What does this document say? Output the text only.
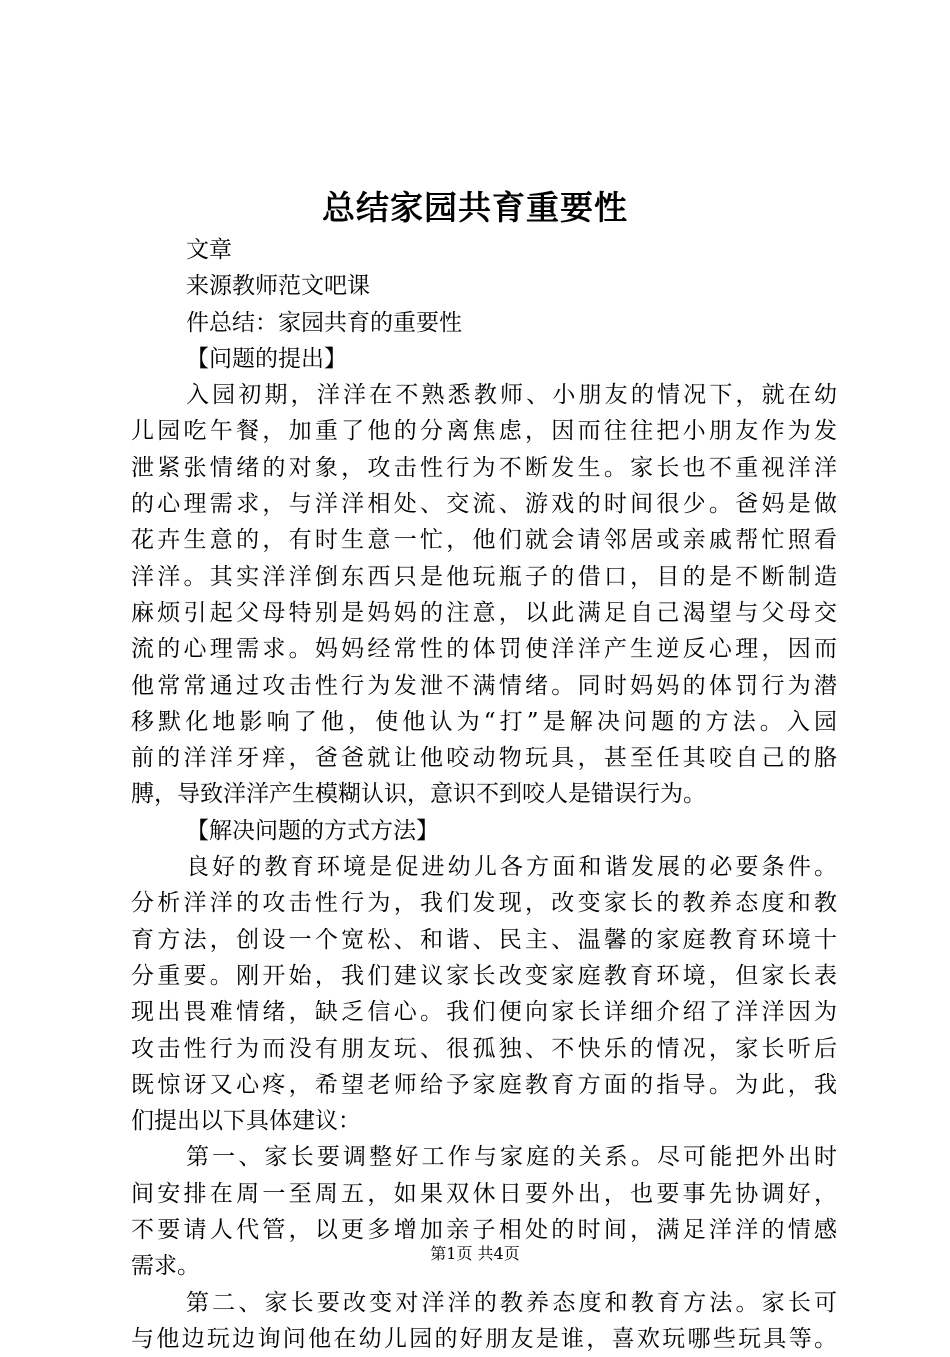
总结家园共育重要性
文章
来源教师范文吧课
件总结：家园共育的重要性
【问题的提出】
入园初期，洋洋在不熟悉教师、小朋友的情况下，就在幼
儿园吃午餐，加重了他的分离焦虑，因而往往把小朋友作为发
泄紧张情绪的对象，攻击性行为不断发生。家长也不重视洋洋
的心理需求，与洋洋相处、交流、游戏的时间很少。爸妈是做
花卉生意的，有时生意一忙，他们就会请邻居或亲戚帮忙照看
洋洋。其实洋洋倒东西只是他玩瓶子的借口，目的是不断制造
麻烦引起父母特别是妈妈的注意，以此满足自己渴望与父母交
流的心理需求。妈妈经常性的体罚使洋洋产生逆反心理，因而
他常常通过攻击性行为发泄不满情绪。同时妈妈的体罚行为潜
移默化地影响了他，使他认为“打”是解决问题的方法。入园
前的洋洋牙痒，爸爸就让他咬动物玩具，甚至任其咬自己的胳
膊，导致洋洋产生模糊认识，意识不到咬人是错误行为。
【解决问题的方式方法】
良好的教育环境是促进幼儿各方面和谐发展的必要条件。
分析洋洋的攻击性行为，我们发现，改变家长的教养态度和教
育方法，创设一个宽松、和谐、民主、温馨的家庭教育环境十
分重要。刚开始，我们建议家长改变家庭教育环境，但家长表
现出畏难情绪，缺乏信心。我们便向家长详细介绍了洋洋因为
攻击性行为而没有朋友玩、很孤独、不快乐的情况，家长听后
既惊讶又心疼，希望老师给予家庭教育方面的指导。为此，我
们提出以下具体建议：
第一、家长要调整好工作与家庭的关系。尽可能把外出时
间安排在周一至周五，如果双休日要外出，也要事先协调好，
不要请人代管，以更多增加亲子相处的时间，满足洋洋的情感
需求。
第二、家长要改变对洋洋的教养态度和教育方法。家长可
与他边玩边询问他在幼儿园的好朋友是谁，喜欢玩哪些玩具等。
第1页 共4页
